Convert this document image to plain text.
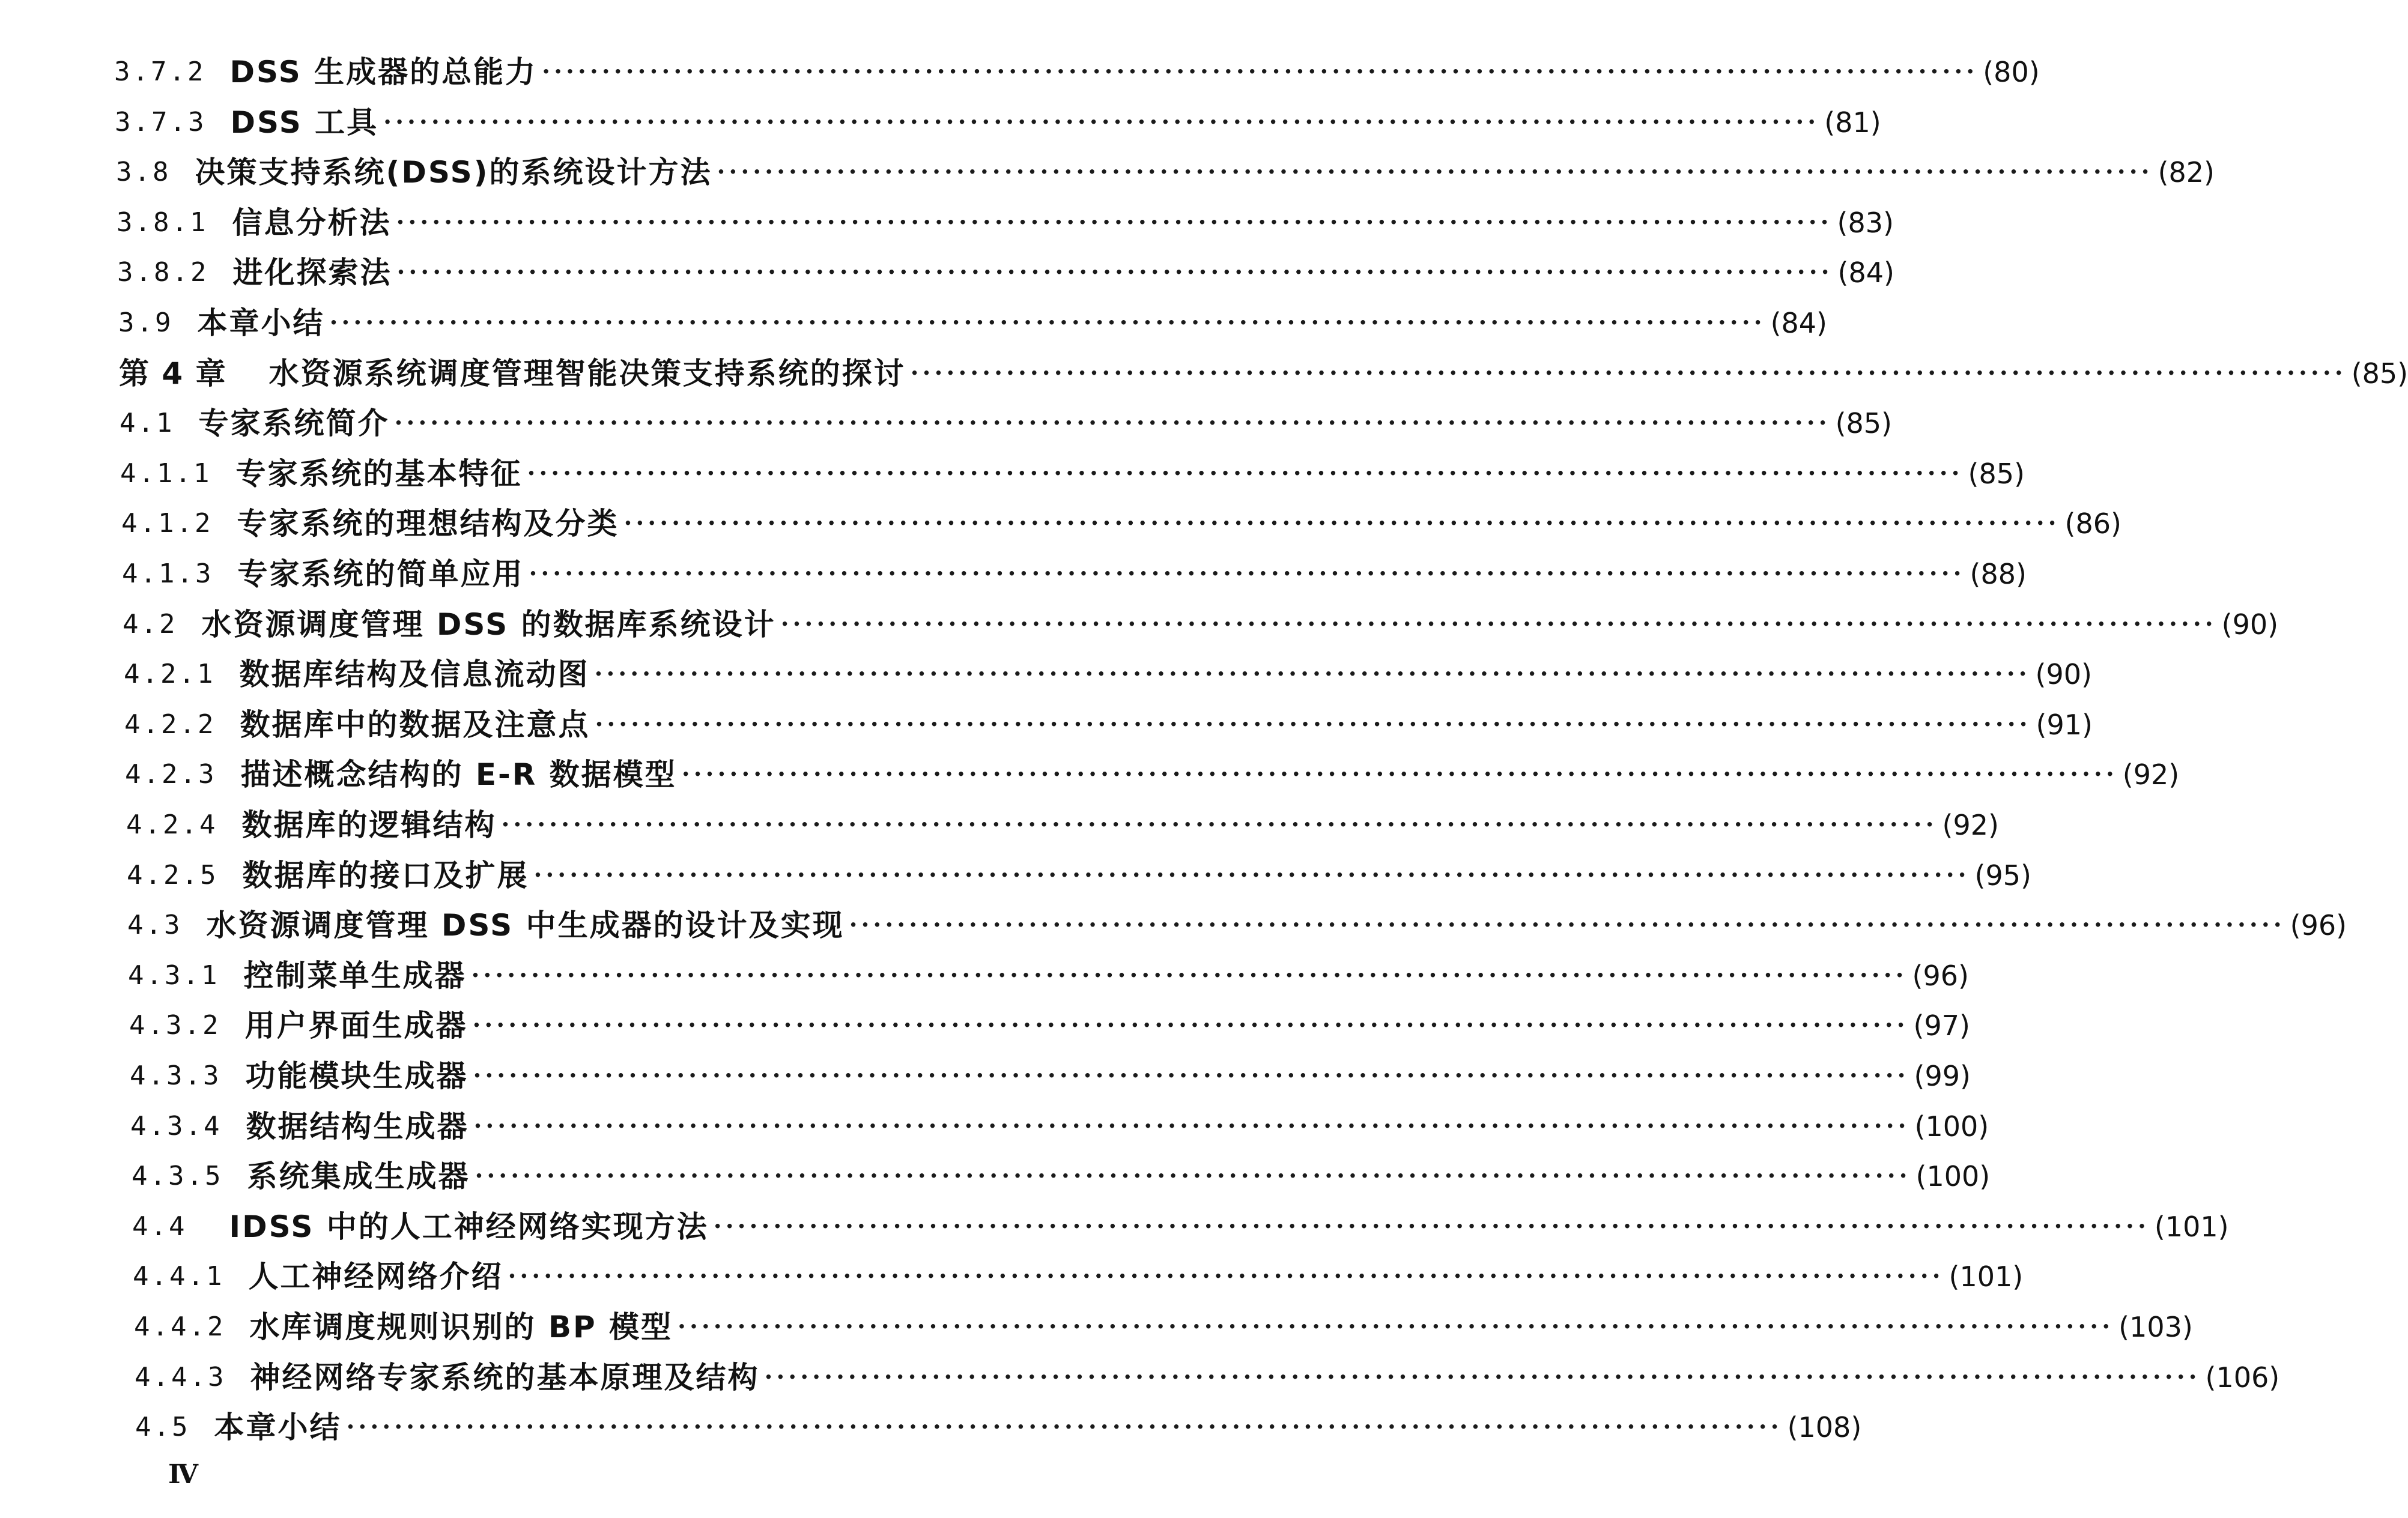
3.7.2 DSS 生成器的总能力 ························································································································ (80)
3.7.3 DSS 工具 ························································································································ (81)
3.8 决策支持系统(DSS)的系统设计方法 ························································································································ (82)
3.8.1 信息分析法 ························································································································ (83)
3.8.2 进化探索法 ························································································································ (84)
3.9 本章小结 ························································································································ (84)
第 4 章 水资源系统调度管理智能决策支持系统的探讨 ························································································································ (85)
4.1 专家系统简介 ························································································································ (85)
4.1.1 专家系统的基本特征 ························································································································ (85)
4.1.2 专家系统的理想结构及分类 ························································································································ (86)
4.1.3 专家系统的简单应用 ························································································································ (88)
4.2 水资源调度管理 DSS 的数据库系统设计 ························································································································ (90)
4.2.1 数据库结构及信息流动图 ························································································································ (90)
4.2.2 数据库中的数据及注意点 ························································································································ (91)
4.2.3 描述概念结构的 E-R 数据模型 ························································································································ (92)
4.2.4 数据库的逻辑结构 ························································································································ (92)
4.2.5 数据库的接口及扩展 ························································································································ (95)
4.3 水资源调度管理 DSS 中生成器的设计及实现 ························································································································ (96)
4.3.1 控制菜单生成器 ························································································································ (96)
4.3.2 用户界面生成器 ························································································································ (97)
4.3.3 功能模块生成器 ························································································································ (99)
4.3.4 数据结构生成器 ························································································································ (100)
4.3.5 系统集成生成器 ························································································································ (100)
4.4 IDSS 中的人工神经网络实现方法 ························································································································ (101)
4.4.1 人工神经网络介绍 ························································································································ (101)
4.4.2 水库调度规则识别的 BP 模型 ························································································································ (103)
4.4.3 神经网络专家系统的基本原理及结构 ························································································································ (106)
4.5 本章小结 ························································································································ (108)
Ⅳ
